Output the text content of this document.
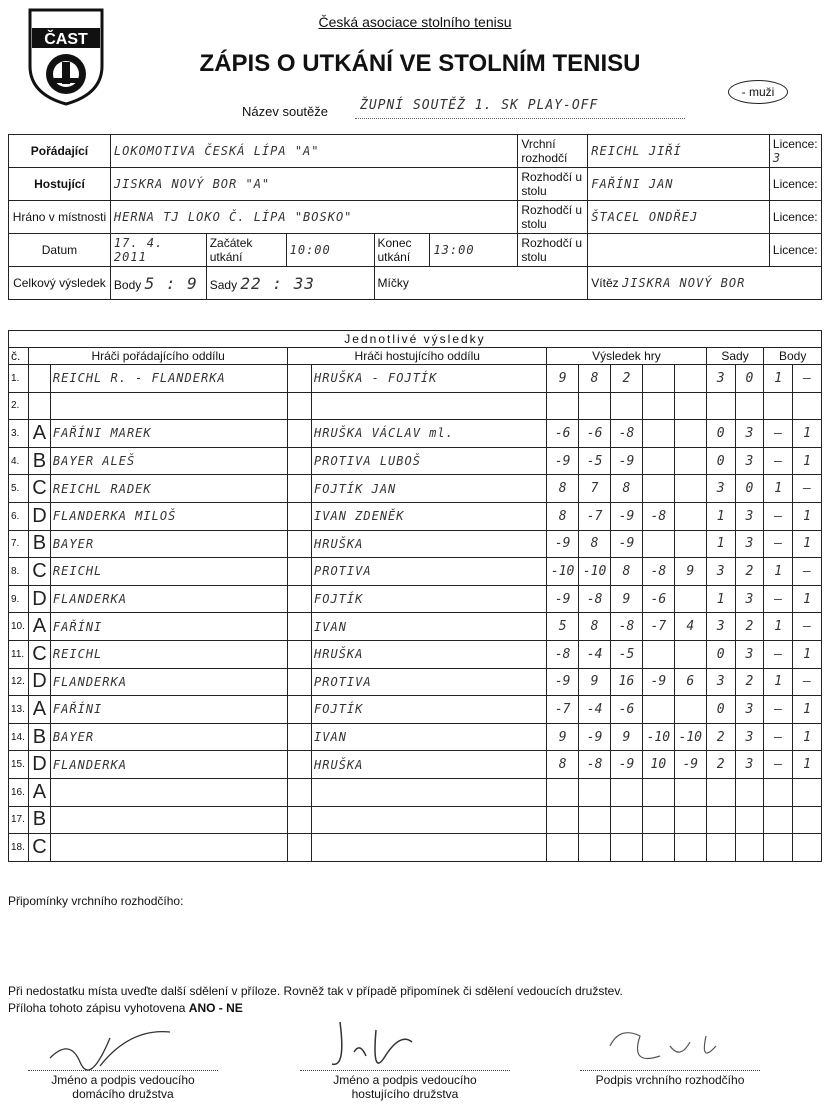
ČAST
Česká asociace stolního tenisu
ZÁPIS O UTKÁNÍ VE STOLNÍM TENISU
Název soutěže ŽUPNÍ SOUTĚŽ 1. SK PLAY-OFF
- muži
Pořádající	LOKOMOTIVA ČESKÁ LÍPA "A"					Vrchní rozhodčí	REICHL JIŘÍ	Licence: 3
Hostující	JISKRA NOVÝ BOR "A"					Rozhodčí u stolu	FAŘÍNI JAN	Licence:
Hráno v místnosti	HERNA TJ LOKO Č. LÍPA "BOSKO"					Rozhodčí u stolu	ŠTACEL ONDŘEJ	Licence:
Datum	17. 4. 2011	Začátek utkání	10:00	Konec utkání	13:00	Rozhodčí u stolu		Licence:
Celkový výsledek	Body 5 : 9	Sady 22 : 33		Míčky			Vítěz JISKRA NOVÝ BOR	
Jednotlivé výsledky													
č.	Hráči pořádajícího oddílu		Hráči hostujícího oddílu		Výsledek hry					Sady		Body	
1.		REICHL R. - FLANDERKA		HRUŠKA - FOJTÍK	9	8	2			3	0	1	–
2.													
3.	A	FAŘÍNI MAREK		HRUŠKA VÁCLAV ml.	-6	-6	-8			0	3	–	1
4.	B	BAYER ALEŠ		PROTIVA LUBOŠ	-9	-5	-9			0	3	–	1
5.	C	REICHL RADEK		FOJTÍK JAN	8	7	8			3	0	1	–
6.	D	FLANDERKA MILOŠ		IVAN ZDENĚK	8	-7	-9	-8		1	3	–	1
7.	B	BAYER		HRUŠKA	-9	8	-9			1	3	–	1
8.	C	REICHL		PROTIVA	-10	-10	8	-8	9	3	2	1	–
9.	D	FLANDERKA		FOJTÍK	-9	-8	9	-6		1	3	–	1
10.	A	FAŘÍNI		IVAN	5	8	-8	-7	4	3	2	1	–
11.	C	REICHL		HRUŠKA	-8	-4	-5			0	3	–	1
12.	D	FLANDERKA		PROTIVA	-9	9	16	-9	6	3	2	1	–
13.	A	FAŘÍNI		FOJTÍK	-7	-4	-6			0	3	–	1
14.	B	BAYER		IVAN	9	-9	9	-10	-10	2	3	–	1
15.	D	FLANDERKA		HRUŠKA	8	-8	-9	10	-9	2	3	–	1
16.	A												
17.	B												
18.	C												
Připomínky vrchního rozhodčího:
Při nedostatku místa uveďte další sdělení v příloze. Rovněž tak v případě připomínek či sdělení vedoucích družstev.
Příloha tohoto zápisu vyhotovena ANO - NE
Jméno a podpis vedoucího
domácího družstva
Jméno a podpis vedoucího
hostujícího družstva
Podpis vrchního rozhodčího
